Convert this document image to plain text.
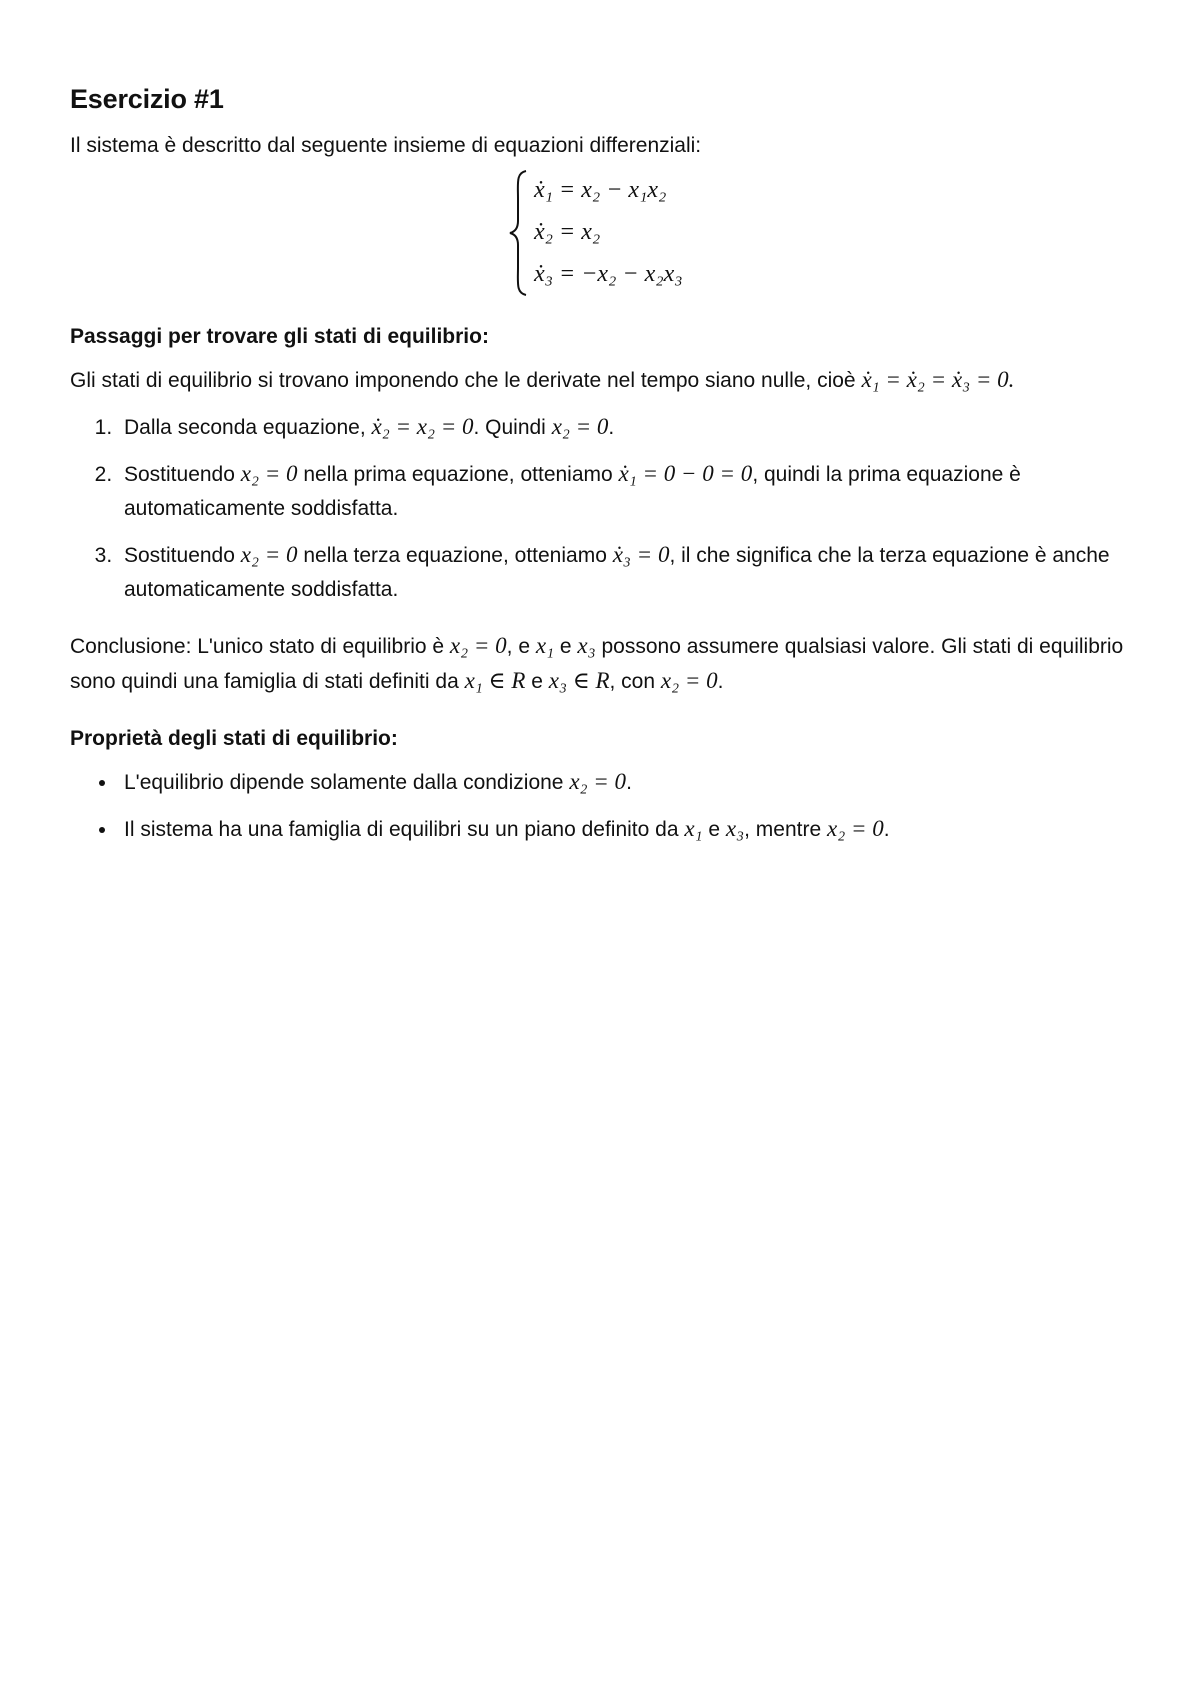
Esercizio #1

Il sistema è descritto dal seguente insieme di equazioni differenziali:

ẋ₁ = x₂ − x₁x₂
ẋ₂ = x₂
ẋ₃ = −x₂ − x₂x₃
Passaggi per trovare gli stati di equilibrio:

Gli stati di equilibrio si trovano imponendo che le derivate nel tempo siano nulle, cioè ẋ₁ = ẋ₂ = ẋ₃ = 0.

1. Dalla seconda equazione, ẋ₂ = x₂ = 0. Quindi x₂ = 0.
2. Sostituendo x₂ = 0 nella prima equazione, otteniamo ẋ₁ = 0 − 0 = 0, quindi la prima equazione è automaticamente soddisfatta.
3. Sostituendo x₂ = 0 nella terza equazione, otteniamo ẋ₃ = 0, il che significa che la terza equazione è anche automaticamente soddisfatta.

Conclusione: L'unico stato di equilibrio è x₂ = 0, e x₁ e x₃ possono assumere qualsiasi valore. Gli stati di equilibrio sono quindi una famiglia di stati definiti da x₁ ∈ R e x₃ ∈ R, con x₂ = 0.

Proprietà degli stati di equilibrio:
• L'equilibrio dipende solamente dalla condizione x₂ = 0.
• Il sistema ha una famiglia di equilibri su un piano definito da x₁ e x₃, mentre x₂ = 0.
